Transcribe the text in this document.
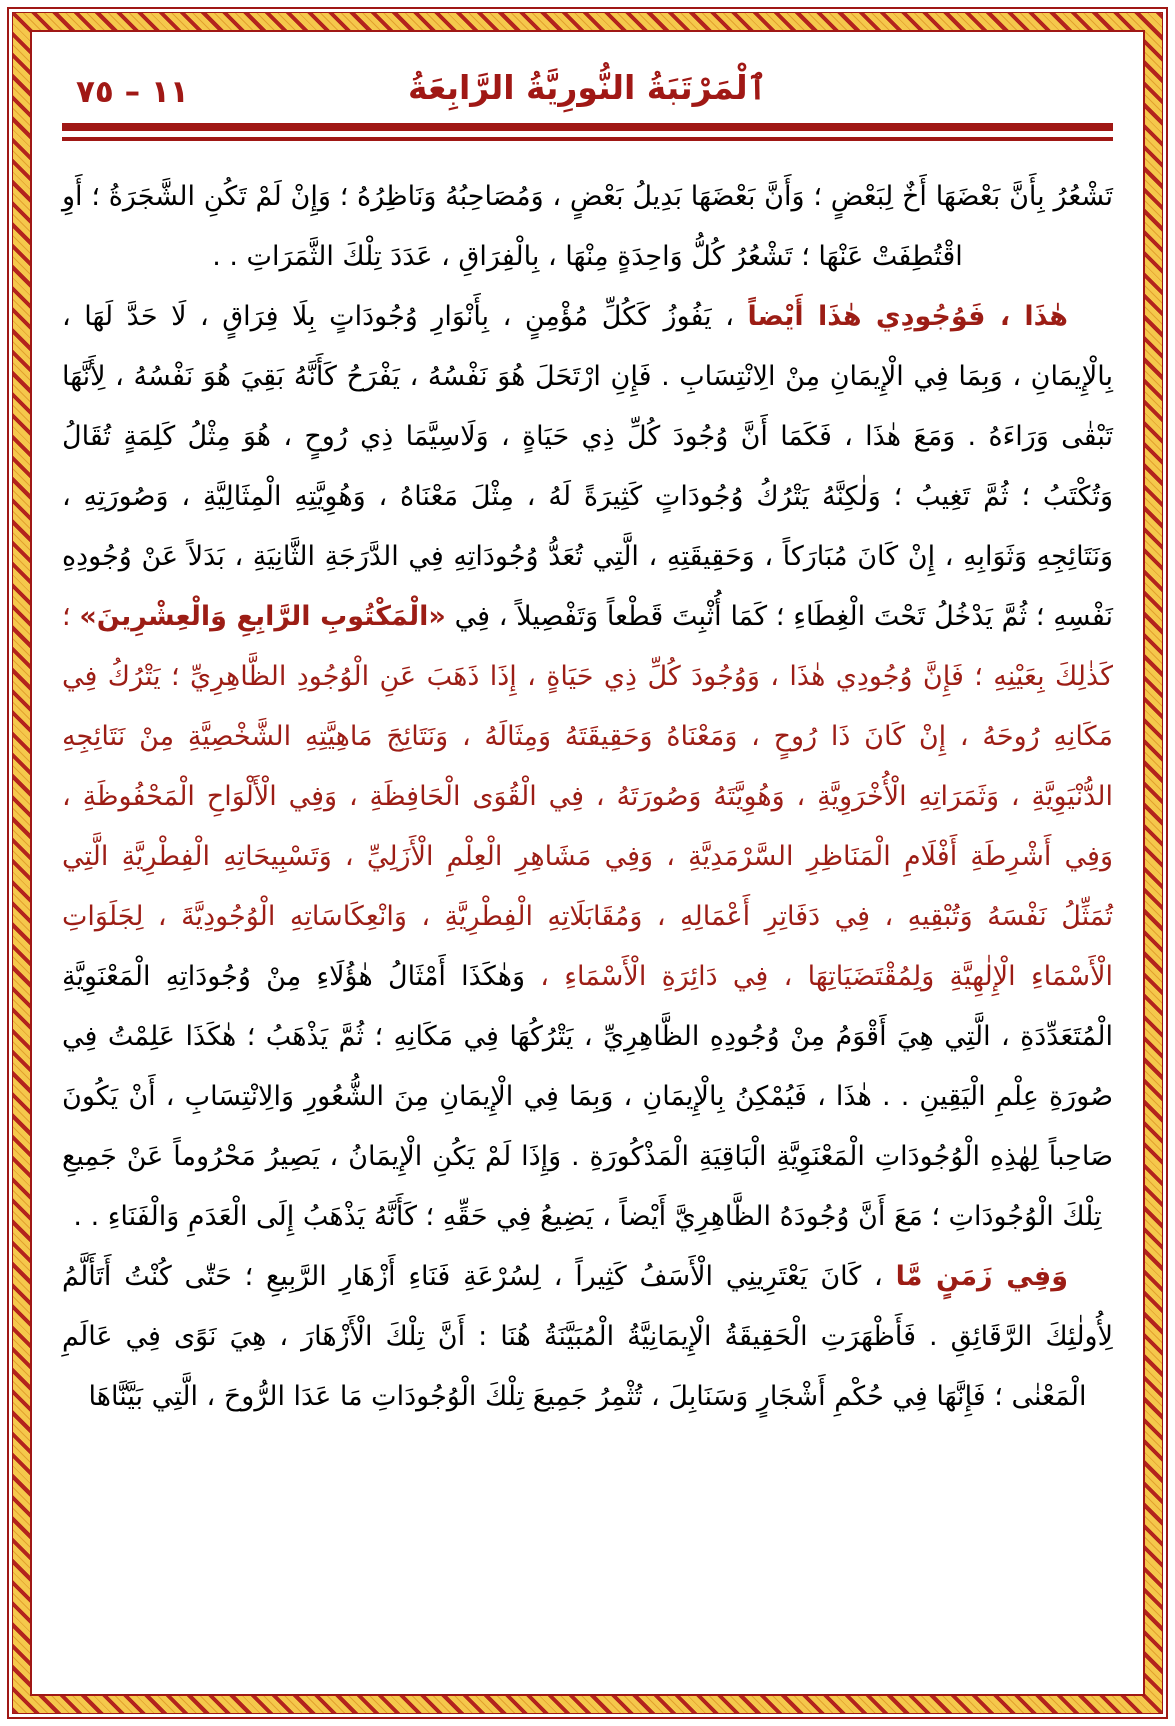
١١ – ٧٥	ٱلْمَرْتَبَةُ النُّورِيَّةُ الرَّابِعَةُ

تَشْعُرُ بِأَنَّ بَعْضَهَا أَخٌ لِبَعْضٍ ؛ وَأَنَّ بَعْضَهَا بَدِيلُ بَعْضٍ ، وَمُصَاحِبُهُ وَنَاظِرُهُ ؛ وَإِنْ لَمْ تَكُنِ الشَّجَرَةُ ؛ أَوِ اقْتُطِفَتْ عَنْهَا ؛ تَشْعُرُ كُلُّ وَاحِدَةٍ مِنْهَا ، بِالْفِرَاقِ ، عَدَدَ تِلْكَ الثَّمَرَاتِ . .

هٰذَا ، فَوُجُودِي هٰذَا أَيْضاً ، يَفُوزُ كَكُلِّ مُؤْمِنٍ ، بِأَنْوَارِ وُجُودَاتٍ بِلَا فِرَاقٍ ، لَا حَدَّ لَهَا ، بِالْإِيمَانِ ، وَبِمَا فِي الْإِيمَانِ مِنْ الِانْتِسَابِ . فَإِنِ ارْتَحَلَ هُوَ نَفْسُهُ ، يَفْرَحُ كَأَنَّهُ بَقِيَ هُوَ نَفْسُهُ ، لِأَنَّهَا تَبْقٰى وَرَاءَهُ . وَمَعَ هٰذَا ، فَكَمَا أَنَّ وُجُودَ كُلِّ ذِي حَيَاةٍ ، وَلَاسِيَّمَا ذِي رُوحٍ ، هُوَ مِثْلُ كَلِمَةٍ تُقَالُ وَتُكْتَبُ ؛ ثُمَّ تَغِيبُ ؛ وَلٰكِنَّهُ يَتْرُكُ وُجُودَاتٍ كَثِيرَةً لَهُ ، مِثْلَ مَعْنَاهُ ، وَهُوِيَّتِهِ الْمِثَالِيَّةِ ، وَصُورَتِهِ ، وَنَتَائِجِهِ وَثَوَابِهِ ، إِنْ كَانَ مُبَارَكاً ، وَحَقِيقَتِهِ ، الَّتِي تُعَدُّ وُجُودَاتِهِ فِي الدَّرَجَةِ الثَّانِيَةِ ، بَدَلاً عَنْ وُجُودِهِ نَفْسِهِ ؛ ثُمَّ يَدْخُلُ تَحْتَ الْغِطَاءِ ؛ كَمَا أُثْبِتَ قَطْعاً وَتَفْصِيلاً ، فِي «الْمَكْتُوبِ الرَّابِعِ وَالْعِشْرِينَ» ؛ كَذٰلِكَ بِعَيْنِهِ ؛ فَإِنَّ وُجُودِي هٰذَا ، وَوُجُودَ كُلِّ ذِي حَيَاةٍ ، إِذَا ذَهَبَ عَنِ الْوُجُودِ الظَّاهِرِيِّ ؛ يَتْرُكُ فِي مَكَانِهِ رُوحَهُ ، إِنْ كَانَ ذَا رُوحٍ ، وَمَعْنَاهُ وَحَقِيقَتَهُ وَمِثَالَهُ ، وَنَتَائِجَ مَاهِيَّتِهِ الشَّخْصِيَّةِ مِنْ نَتَائِجِهِ الدُّنْيَوِيَّةِ ، وَثَمَرَاتِهِ الْأُخْرَوِيَّةِ ، وَهُوِيَّتَهُ وَصُورَتَهُ ، فِي الْقُوَى الْحَافِظَةِ ، وَفِي الْأَلْوَاحِ الْمَحْفُوظَةِ ، وَفِي أَشْرِطَةِ أَفْلَامِ الْمَنَاظِرِ السَّرْمَدِيَّةِ ، وَفِي مَشَاهِرِ الْعِلْمِ الْأَزَلِيِّ ، وَتَسْبِيحَاتِهِ الْفِطْرِيَّةِ الَّتِي تُمَثِّلُ نَفْسَهُ وَتُبْقِيهِ ، فِي دَفَاتِرِ أَعْمَالِهِ ، وَمُقَابَلَاتِهِ الْفِطْرِيَّةِ ، وَانْعِكَاسَاتِهِ الْوُجُودِيَّةَ ، لِجَلَوَاتِ الْأَسْمَاءِ الْإِلٰهِيَّةِ وَلِمُقْتَضَيَاتِهَا ، فِي دَائِرَةِ الْأَسْمَاءِ ، وَهٰكَذَا أَمْثَالُ هٰؤُلَاءِ مِنْ وُجُودَاتِهِ الْمَعْنَوِيَّةِ الْمُتَعَدِّدَةِ ، الَّتِي هِيَ أَقْوَمُ مِنْ وُجُودِهِ الظَّاهِرِيِّ ، يَتْرُكُهَا فِي مَكَانِهِ ؛ ثُمَّ يَذْهَبُ ؛ هٰكَذَا عَلِمْتُ فِي صُورَةِ عِلْمِ الْيَقِينِ . . هٰذَا ، فَيُمْكِنُ بِالْإِيمَانِ ، وَبِمَا فِي الْإِيمَانِ مِنَ الشُّعُورِ وَالِانْتِسَابِ ، أَنْ يَكُونَ صَاحِباً لِهٰذِهِ الْوُجُودَاتِ الْمَعْنَوِيَّةِ الْبَاقِيَةِ الْمَذْكُورَةِ . وَإِذَا لَمْ يَكُنِ الْإِيمَانُ ، يَصِيرُ مَحْرُوماً عَنْ جَمِيعِ تِلْكَ الْوُجُودَاتِ ؛ مَعَ أَنَّ وُجُودَهُ الظَّاهِرِيَّ أَيْضاً ، يَضِيعُ فِي حَقِّهِ ؛ كَأَنَّهُ يَذْهَبُ إِلَى الْعَدَمِ وَالْفَنَاءِ . .

وَفِي زَمَنٍ مَّا ، كَانَ يَعْتَرِينِي الْأَسَفُ كَثِيراً ، لِسُرْعَةِ فَنَاءِ أَزْهَارِ الرَّبِيعِ ؛ حَتّٰى كُنْتُ أَتَأَلَّمُ لِأُولٰئِكَ الرَّقَائِقِ . فَأَظْهَرَتِ الْحَقِيقَةُ الْإِيمَانِيَّةُ الْمُبَيَّنَةُ هُنَا : أَنَّ تِلْكَ الْأَزْهَارَ ، هِيَ نَوًى فِي عَالَمِ الْمَعْنٰى ؛ فَإِنَّهَا فِي حُكْمِ أَشْجَارٍ وَسَنَابِلَ ، تُثْمِرُ جَمِيعَ تِلْكَ الْوُجُودَاتِ مَا عَدَا الرُّوحَ ، الَّتِي بَيَّنَّاهَا
